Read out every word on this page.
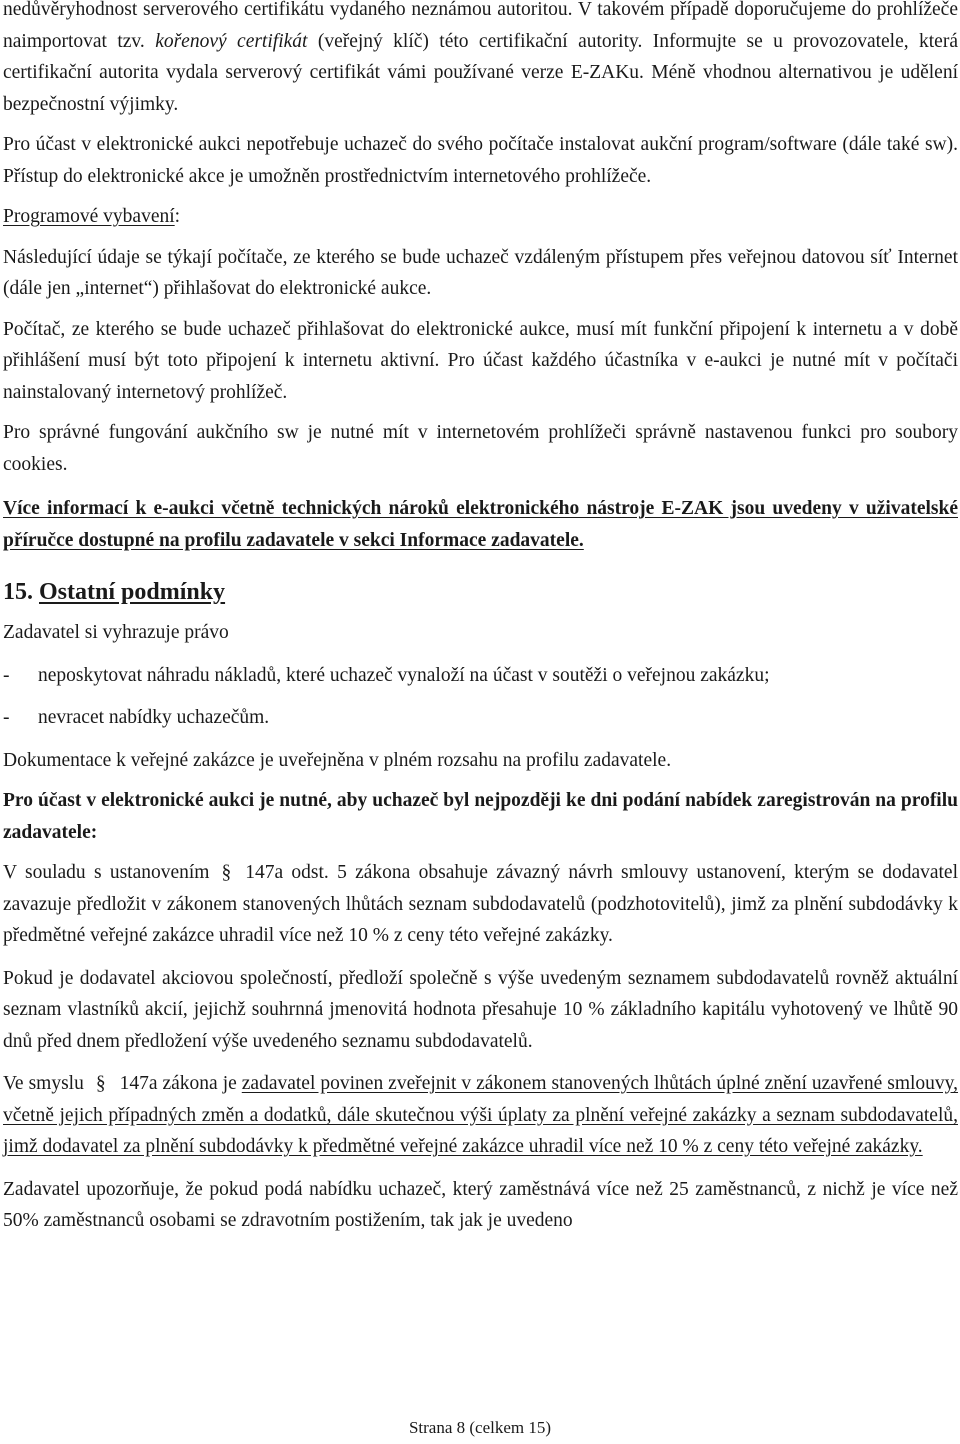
nedůvěryhodnost serverového certifikátu vydaného neznámou autoritou. V takovém případě doporučujeme do prohlížeče naimportovat tzv. kořenový certifikát (veřejný klíč) této certifikační autority. Informujte se u provozovatele, která certifikační autorita vydala serverový certifikát vámi používané verze E-ZAKu. Méně vhodnou alternativou je udělení bezpečnostní výjimky.

Pro účast v elektronické aukci nepotřebuje uchazeč do svého počítače instalovat aukční program/software (dále také sw). Přístup do elektronické akce je umožněn prostřednictvím internetového prohlížeče.

Programové vybavení:

Následující údaje se týkají počítače, ze kterého se bude uchazeč vzdáleným přístupem přes veřejnou datovou síť Internet (dále jen „internet“) přihlašovat do elektronické aukce.

Počítač, ze kterého se bude uchazeč přihlašovat do elektronické aukce, musí mít funkční připojení k internetu a v době přihlášení musí být toto připojení k internetu aktivní. Pro účast každého účastníka v e-aukci je nutné mít v počítači nainstalovaný internetový prohlížeč.

Pro správné fungování aukčního sw je nutné mít v internetovém prohlížeči správně nastavenou funkci pro soubory cookies.

Více informací k e-aukci včetně technických nároků elektronického nástroje E-ZAK jsou uvedeny v uživatelské příručce dostupné na profilu zadavatele v sekci Informace zadavatele.

15. Ostatní podmínky

Zadavatel si vyhrazuje právo

-	neposkytovat náhradu nákladů, které uchazeč vynaloží na účast v soutěži o veřejnou zakázku;

-	nevracet nabídky uchazečům.

Dokumentace k veřejné zakázce je uveřejněna v plném rozsahu na profilu zadavatele.

Pro účast v elektronické aukci je nutné, aby uchazeč byl nejpozději ke dni podání nabídek zaregistrován na profilu zadavatele:

V souladu s ustanovením § 147a odst. 5 zákona obsahuje závazný návrh smlouvy ustanovení, kterým se dodavatel zavazuje předložit v zákonem stanovených lhůtách seznam subdodavatelů (podzhotovitelů), jimž za plnění subdodávky k předmětné veřejné zakázce uhradil více než 10 % z ceny této veřejné zakázky.

Pokud je dodavatel akciovou společností, předloží společně s výše uvedeným seznamem subdodavatelů rovněž aktuální seznam vlastníků akcií, jejichž souhrnná jmenovitá hodnota přesahuje 10 % základního kapitálu vyhotovený ve lhůtě 90 dnů před dnem předložení výše uvedeného seznamu subdodavatelů.

Ve smyslu § 147a zákona je zadavatel povinen zveřejnit v zákonem stanovených lhůtách úplné znění uzavřené smlouvy, včetně jejich případných změn a dodatků, dále skutečnou výši úplaty za plnění veřejné zakázky a seznam subdodavatelů, jimž dodavatel za plnění subdodávky k předmětné veřejné zakázce uhradil více než 10 % z ceny této veřejné zakázky.

Zadavatel upozorňuje, že pokud podá nabídku uchazeč, který zaměstnává více než 25 zaměstnanců, z nichž je více než 50% zaměstnanců osobami se zdravotním postižením, tak jak je uvedeno

Strana 8 (celkem 15)
